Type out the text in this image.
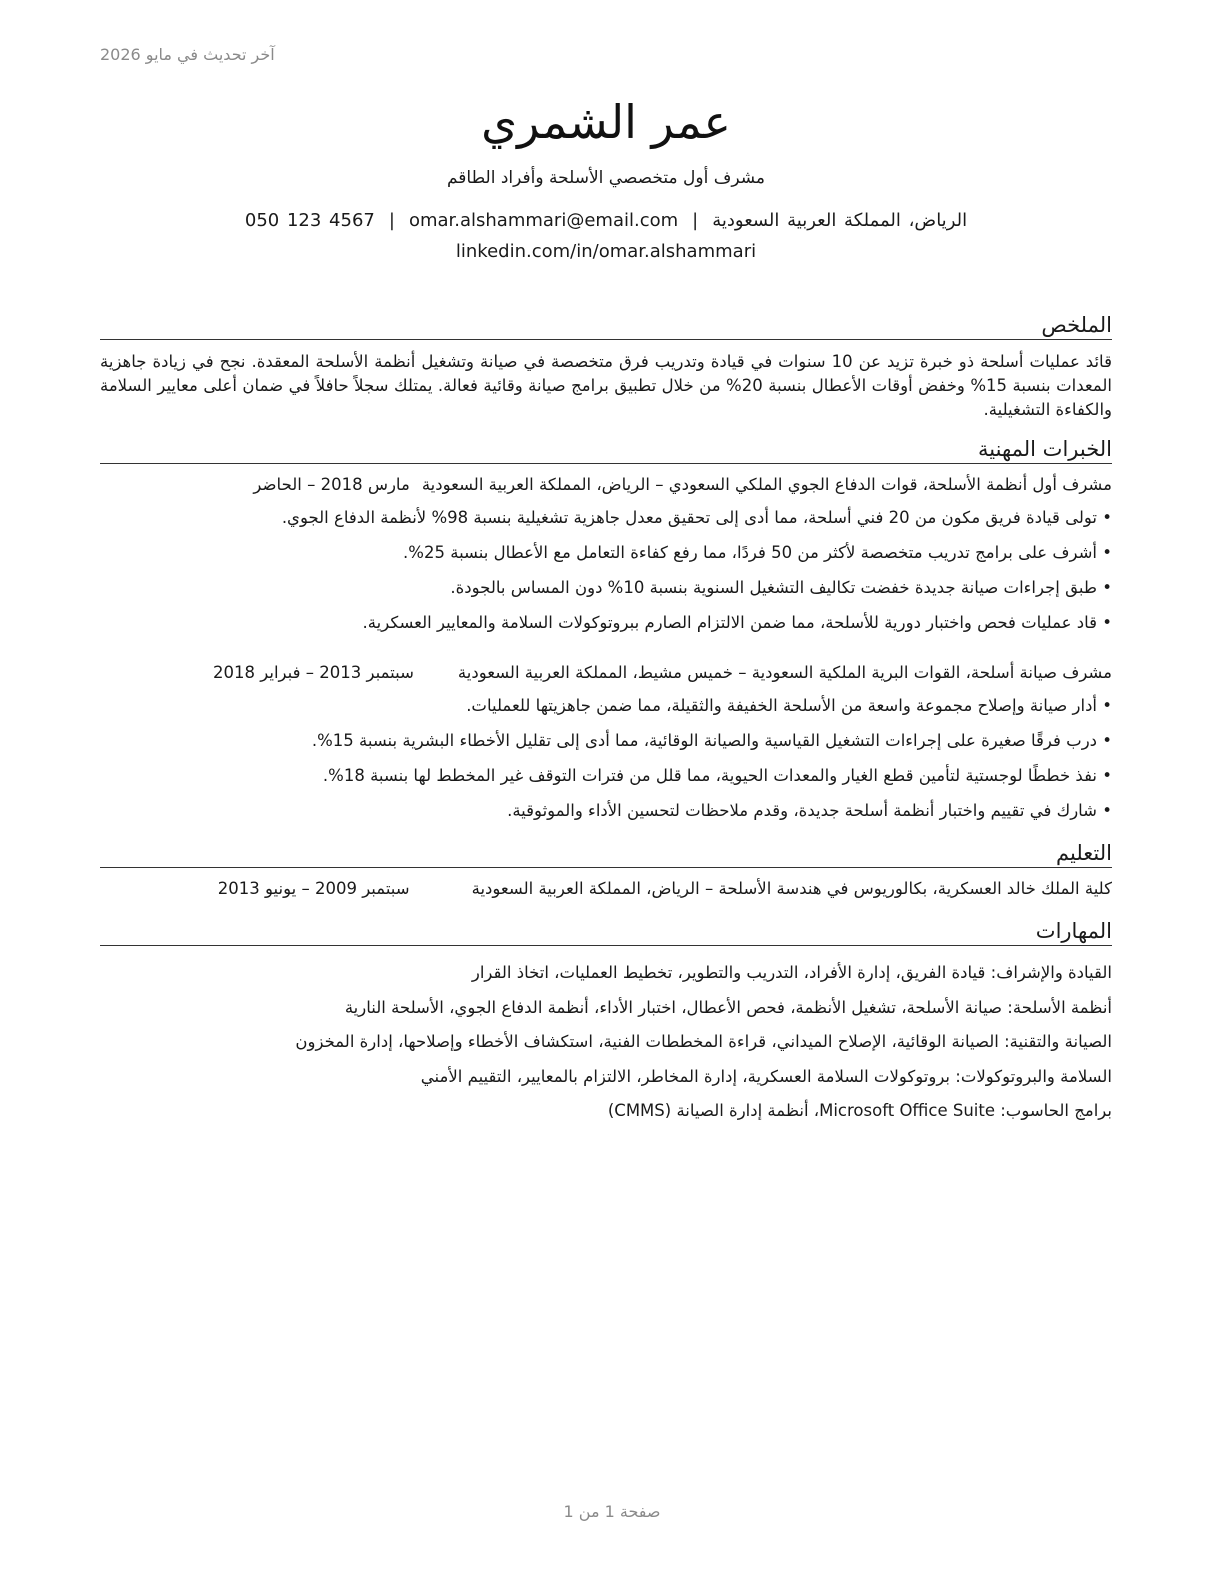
آخر تحديث في مايو 2026
عمر الشمري
مشرف أول متخصصي الأسلحة وأفراد الطاقم
الرياض، المملكة العربية السعودية|omar.alshammari@email.com|050 123 4567
linkedin.com/in/omar.alshammari
الملخص

قائد عمليات أسلحة ذو خبرة تزيد عن 10 سنوات في قيادة وتدريب فرق متخصصة في صيانة وتشغيل أنظمة الأسلحة المعقدة. نجح في زيادة جاهزية المعدات بنسبة 15% وخفض أوقات الأعطال بنسبة 20% من خلال تطبيق برامج صيانة وقائية فعالة. يمتلك سجلاً حافلاً في ضمان أعلى معايير السلامة والكفاءة التشغيلية.

الخبرات المهنية
مشرف أول أنظمة الأسلحة، قوات الدفاع الجوي الملكي السعودي – الرياض، المملكة العربية السعودية
مارس 2018 – الحاضر
• تولى قيادة فريق مكون من 20 فني أسلحة، مما أدى إلى تحقيق معدل جاهزية تشغيلية بنسبة 98% لأنظمة الدفاع الجوي.
• أشرف على برامج تدريب متخصصة لأكثر من 50 فردًا، مما رفع كفاءة التعامل مع الأعطال بنسبة 25%.
• طبق إجراءات صيانة جديدة خفضت تكاليف التشغيل السنوية بنسبة 10% دون المساس بالجودة.
• قاد عمليات فحص واختبار دورية للأسلحة، مما ضمن الالتزام الصارم ببروتوكولات السلامة والمعايير العسكرية.
مشرف صيانة أسلحة، القوات البرية الملكية السعودية – خميس مشيط، المملكة العربية السعودية
سبتمبر 2013 – فبراير 2018
• أدار صيانة وإصلاح مجموعة واسعة من الأسلحة الخفيفة والثقيلة، مما ضمن جاهزيتها للعمليات.
• درب فرقًا صغيرة على إجراءات التشغيل القياسية والصيانة الوقائية، مما أدى إلى تقليل الأخطاء البشرية بنسبة 15%.
• نفذ خططًا لوجستية لتأمين قطع الغيار والمعدات الحيوية، مما قلل من فترات التوقف غير المخطط لها بنسبة 18%.
• شارك في تقييم واختبار أنظمة أسلحة جديدة، وقدم ملاحظات لتحسين الأداء والموثوقية.
التعليم
كلية الملك خالد العسكرية، بكالوريوس في هندسة الأسلحة – الرياض، المملكة العربية السعودية
سبتمبر 2009 – يونيو 2013
المهارات
القيادة والإشراف: قيادة الفريق، إدارة الأفراد، التدريب والتطوير، تخطيط العمليات، اتخاذ القرار
أنظمة الأسلحة: صيانة الأسلحة، تشغيل الأنظمة، فحص الأعطال، اختبار الأداء، أنظمة الدفاع الجوي، الأسلحة النارية
الصيانة والتقنية: الصيانة الوقائية، الإصلاح الميداني، قراءة المخططات الفنية، استكشاف الأخطاء وإصلاحها، إدارة المخزون
السلامة والبروتوكولات: بروتوكولات السلامة العسكرية، إدارة المخاطر، الالتزام بالمعايير، التقييم الأمني
برامج الحاسوب: Microsoft Office Suite، أنظمة إدارة الصيانة (CMMS)
صفحة 1 من 1
